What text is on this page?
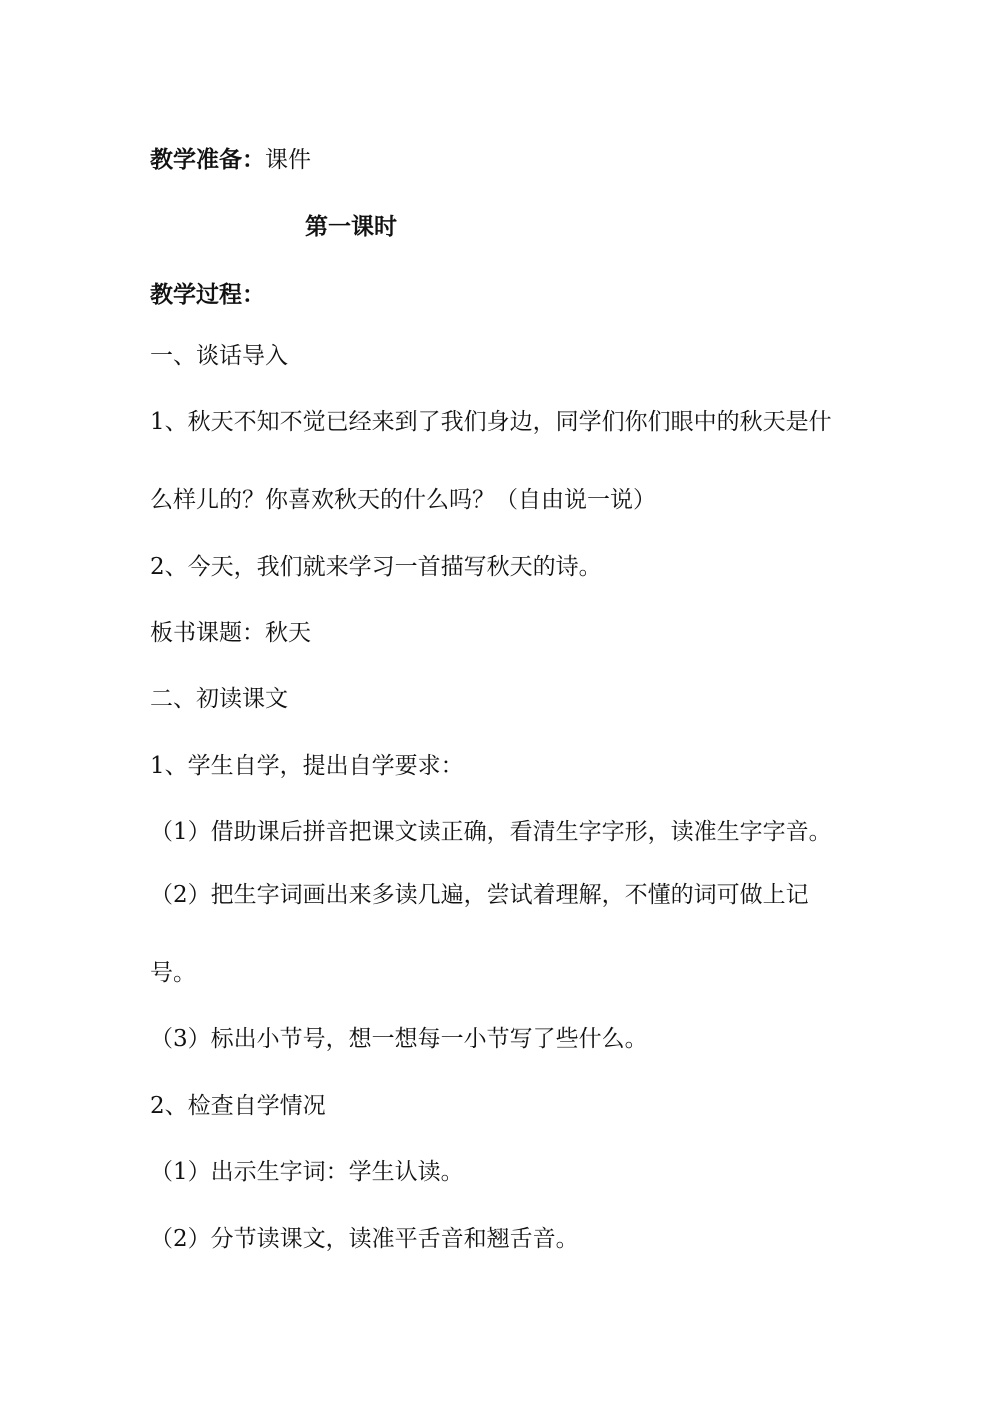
教学准备：课件
第一课时
教学过程：
一、谈话导入
1、秋天不知不觉已经来到了我们身边，同学们你们眼中的秋天是什
么样儿的？你喜欢秋天的什么吗？（自由说一说）
2、今天，我们就来学习一首描写秋天的诗。
板书课题：秋天
二、初读课文
1、学生自学，提出自学要求：
（1）借助课后拼音把课文读正确，看清生字字形，读准生字字音。
（2）把生字词画出来多读几遍，尝试着理解，不懂的词可做上记
号。
（3）标出小节号，想一想每一小节写了些什么。
2、检查自学情况
（1）出示生字词：学生认读。
（2）分节读课文，读准平舌音和翘舌音。
